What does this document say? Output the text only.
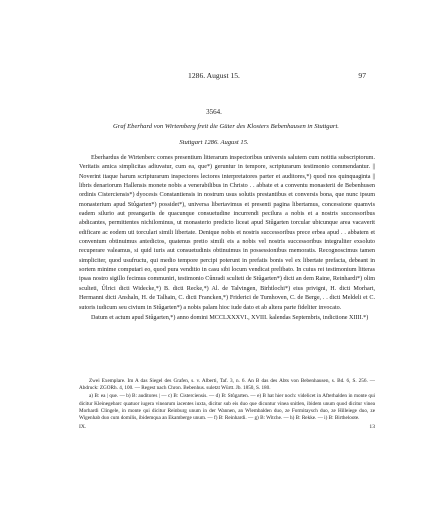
1286. August 15.	97
3564.
Graf Eberhard von Wirtemberg freit die Güter des Klosters Bebenhausen in Stuttgart.
Stuttgart 1286. August 15.

Eberhardus de Wirtenberc comes presentium litterarum inspectoribus universis salutem cum notitia subscriptorum. Veritatis amica simplicitas adiuvatur, cum ea, que*) geruntur in tempore, scripturarum testimonio commendantur. || Noverint itaque harum scripturarum inspectores lectores interpretatores parter et auditores,*) quod nos quinquaginta || libris denariorum Hallensis monete nobis a venerabilibus in Christo . . abbate et a conventu monasterii de Bebenhusen ordinis Cisterciensis*) dyocesis Constantiensis in nostrum usus solutis prestantibus et conversis bona, que nunc ipsum monasterium apud Stůgarten*) possidet*), universa libertavimus et presenti pagina libertamus, concessione quamvis eadem silurio aut preangariis de quacunque consuetudine incurrendi pecilura a nobis et a nostris successoribus abdicantes, permittentes nichilominus, ut monasterio predicto liceat apud Stůgarten torcular ubicunque area vacaverit edificare ac eodem uti torculari simili libertate. Denique nobis et nostris successoribus prece erbea apud . . abbatem et conventum obtinuimus antedictos, quatenus pretio simili eis a nobis vel nostris successoribus integraliter exsoluto recuperare valeamus, si quid iuris aut consuetudinis obtinuimus in possessionibus memoratis. Recognoscimus tamen simpliciter, quod usufructu, qui medio tempore percipi poterunt in prefatis bonis vel ex libertate prefacta, debeant in sortem minime computari eo, quod pura venditio in casu sibi locum vendicat prelibato. In cuius rei testimonium litteras ipsas nostro sigillo fecimus communiri, testimonio Cůnradi sculteti de Stůgarten*) dicti an dem Raine, Reinhardi*) olim sculteti, Ůlrici dicti Widecke,*) B. dicti Recke,*) Al. de Talvingen, Birhtlochi*) eius privigni, H. dicti Morhart, Hermanni dicti Anshaln, H. de Talhain, C. dicti Francken,*) Friderici de Tumhoven, C. de Berge, . . dicti Meldeli et C. sutoris iudicum seu civium in Stůgarten*) a nobis palam hioc iude dato et ab altera parte fideliter invocato.

Datum et actum apud Stůgarten,*) anno domini MCCLXXXVI., XVIII. kalendas Septembris, indictione XIIII.*)

Zwei Exemplare. Im A das Siegel des Grafen, s. v. Alberti, Taf. 3, n. 6. An B das des Abts von Bebenhausen, s. Bd. 6, S. 256. — Abdruck: ZGORh. 4, 100. — Regest nach Chron. Bebenhus. suletzt Württ. Jb. 1850, S. 180.

a) B: ea | que. — b) B: auditores | — c) B: Cisterciensis. — d) B: Stůgarten. — e) B hat hier noch: videlicet in Afterhalden in monte qui dicitur Kleinegebarc quatuor iugera vinearum iacentes iuxta, dicitur sub eis duo que dicuntur vinea snitlen, ibidem unum quod dicitur vinea Morhardi Clingele, in monte qui dicitur Reinburg unum in der Wannen, an Wlembalden duo, ze Formitaysch duo, ze Hilleiege duo, ze Wigenhab duo cum domilis, ibidemqua an Ekamberge unum. — f) B: Reinhardi. — g) B: Witche. — h) B: Rekke. — i) B: Birtheloote.

IX.	13
